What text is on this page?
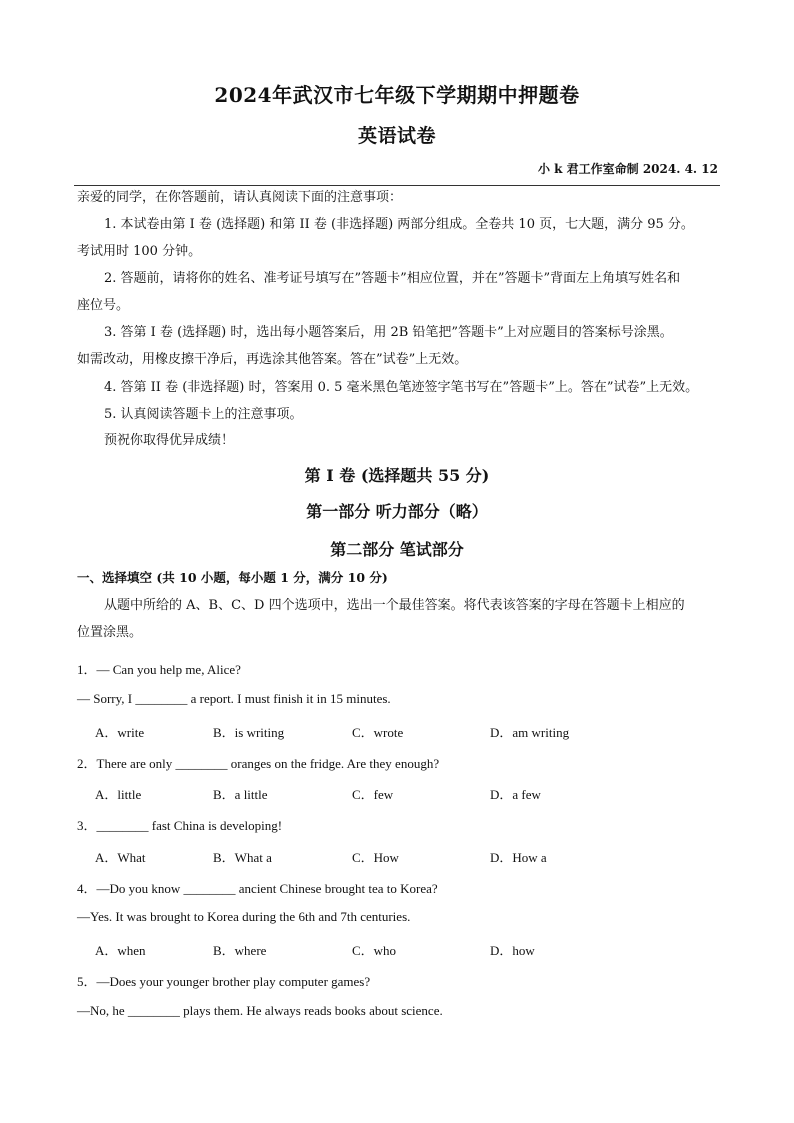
2024年武汉市七年级下学期期中押题卷
英语试卷
小 k 君工作室命制 2024. 4. 12
亲爱的同学，在你答题前，请认真阅读下面的注意事项：
1. 本试卷由第 I 卷 (选择题) 和第 II 卷 (非选择题) 两部分组成。全卷共 10 页，七大题，满分 95 分。
考试用时 100 分钟。
2. 答题前，请将你的姓名、准考证号填写在”答题卡”相应位置，并在”答题卡”背面左上角填写姓名和
座位号。
3. 答第 I 卷 (选择题) 时，选出每小题答案后，用 2B 铅笔把”答题卡”上对应题目的答案标号涂黑。
如需改动，用橡皮擦干净后，再选涂其他答案。答在”试卷”上无效。
4. 答第 II 卷 (非选择题) 时，答案用 0. 5 毫米黑色笔迹签字笔书写在”答题卡”上。答在”试卷”上无效。
5. 认真阅读答题卡上的注意事项。
预祝你取得优异成绩！
第 I 卷 (选择题共 55 分)
第一部分 听力部分（略）
第二部分 笔试部分
一、选择填空 (共 10 小题，每小题 1 分，满分 10 分)
从题中所给的 A、B、C、D 四个选项中，选出一个最佳答案。将代表该答案的字母在答题卡上相应的
位置涂黑。
1．— Can you help me, Alice?
— Sorry, I ________ a report. I must finish it in 15 minutes.
A．write	B．is writing	C．wrote	D．am writing
2．There are only ________ oranges on the fridge. Are they enough?
A．little	B．a little	C．few	D．a few
3．________ fast China is developing!
A．What	B．What a	C．How	D．How a
4．—Do you know ________ ancient Chinese brought tea to Korea?
—Yes. It was brought to Korea during the 6th and 7th centuries.
A．when	B．where	C．who	D．how
5．—Does your younger brother play computer games?
—No, he ________ plays them. He always reads books about science.
